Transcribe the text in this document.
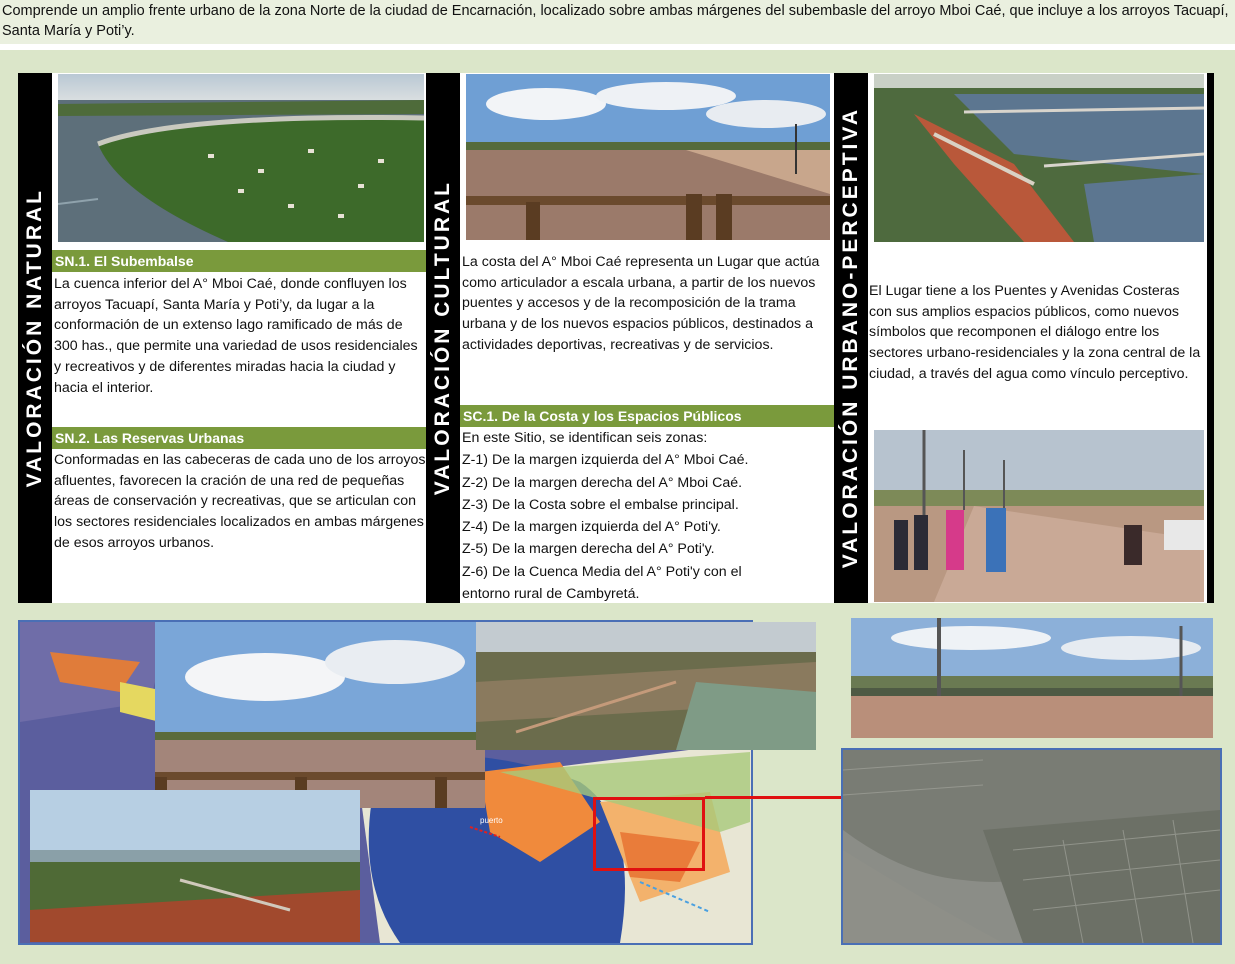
Comprende un amplio frente urbano de la zona Norte de la ciudad de Encarnación, localizado sobre ambas márgenes del subembasle del arroyo Mboi Caé, que incluye a los arroyos Tacuapí, Santa María y Poti’y.
VALORACIÓN NATURAL SN.1. El Subembalse
La cuenca inferior del A° Mboi Caé, donde confluyen los arroyos Tacuapí, Santa María y Poti’y, da lugar a la conformación de un extenso lago ramificado de más de 300 has., que permite una variedad de usos residenciales y recreativos y de diferentes miradas hacia la ciudad y hacia el interior.
SN.2. Las Reservas Urbanas
Conformadas en las cabeceras de cada uno de los arroyos afluentes, favorecen la cración de una red de pequeñas áreas de conservación y recreativas, que se articulan con los sectores residenciales localizados en ambas márgenes de esos arroyos urbanos.
VALORACIÓN CULTURAL La costa del A° Mboi Caé representa un Lugar que actúa como articulador a escala urbana, a partir de los nuevos puentes y accesos y de la recomposición de la trama urbana y de los nuevos espacios públicos, destinados a actividades deportivas, recreativas y de servicios.
SC.1. De la Costa y los Espacios Públicos
En este Sitio, se identifican seis zonas:
Z-1) De la margen izquierda del A° Mboi Caé.
Z-2) De la margen derecha del A° Mboi Caé.
Z-3) De la Costa sobre el embalse principal.
Z-4) De la margen izquierda del A° Poti'y.
Z-5) De la margen derecha del A° Poti'y.
Z-6) De la Cuenca Media del A° Poti'y con el
entorno rural de Cambyretá.
VALORACIÓN URBANO-PERCEPTIVA El Lugar tiene a los Puentes y Avenidas Costeras con sus amplios espacios públicos, como nuevos símbolos que recomponen el diálogo entre los sectores urbano-residenciales y la zona central de la ciudad, a través del agua como vínculo perceptivo.
puerto
